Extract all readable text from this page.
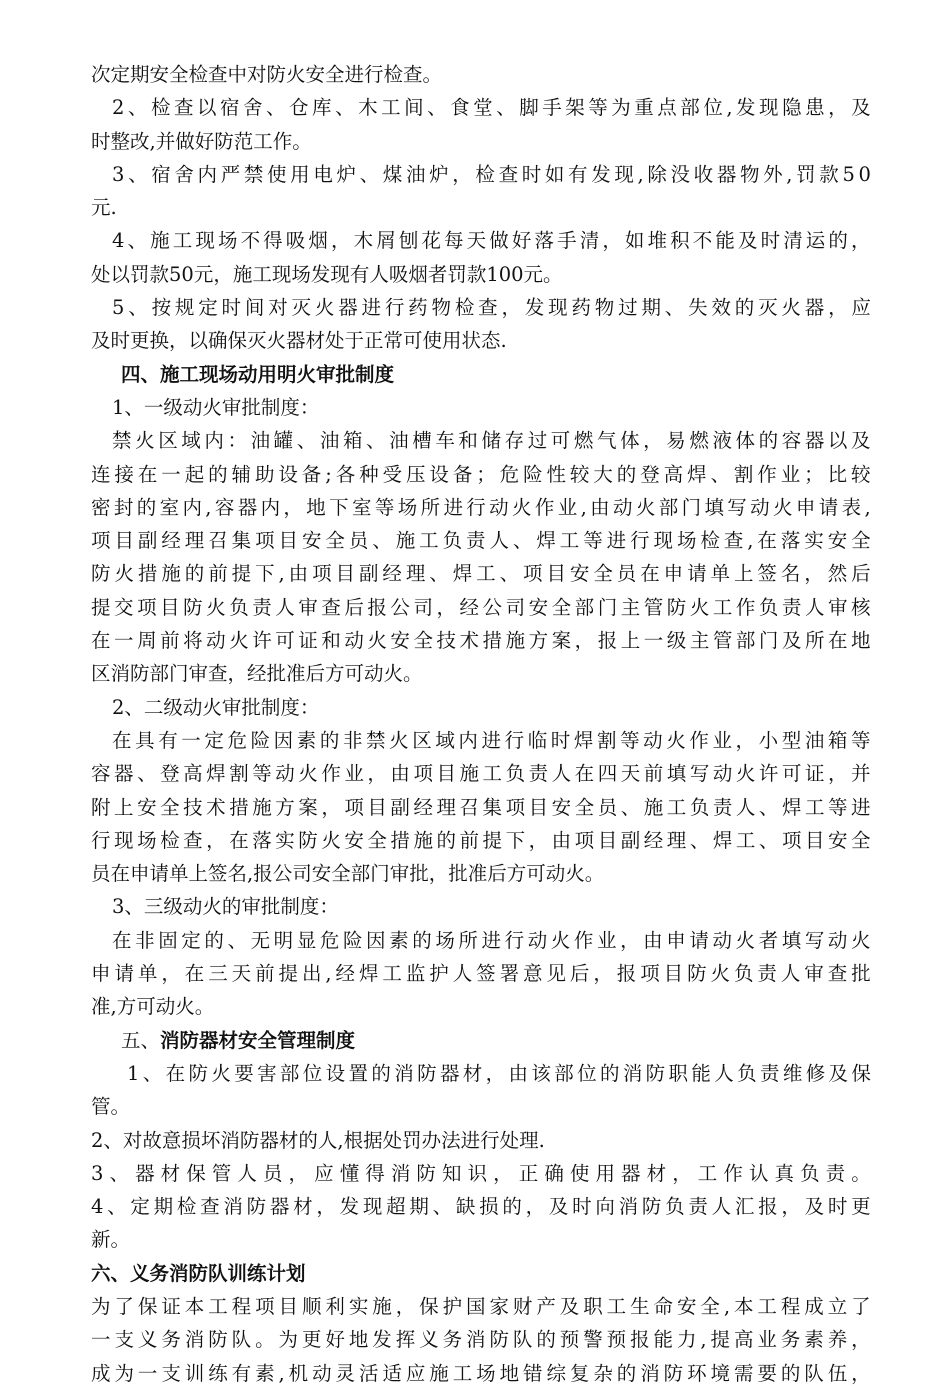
次定期安全检查中对防火安全进行检查。
2 、 检 查 以 宿 舍 、 仓 库 、 木 工 间 、 食 堂 、 脚 手 架 等 为 重 点 部 位 , 发 现 隐 患 ， 及
时整改,并做好防范工作。
3 、 宿 舍 内 严 禁 使 用 电 炉 、 煤 油 炉 ， 检 查 时 如 有 发 现 , 除 没 收 器 物 外 , 罚 款 5 0
元.
4 、 施 工 现 场 不 得 吸 烟 ， 木 屑 刨 花 每 天 做 好 落 手 清 ， 如 堆 积 不 能 及 时 清 运 的 ，
处以罚款50元，施工现场发现有人吸烟者罚款100元。
5 、 按 规 定 时 间 对 灭 火 器 进 行 药 物 检 查 ， 发 现 药 物 过 期 、 失 效 的 灭 火 器 ， 应
及时更换，以确保灭火器材处于正常可使用状态.
四、施工现场动用明火审批制度
1、一级动火审批制度：
禁 火 区 域 内 ： 油 罐 、 油 箱 、 油 槽 车 和 储 存 过 可 燃 气 体 ， 易 燃 液 体 的 容 器 以 及
连 接 在 一 起 的 辅 助 设 备 ; 各 种 受 压 设 备 ； 危 险 性 较 大 的 登 高 焊 、 割 作 业 ； 比 较
密 封 的 室 内 , 容 器 内 ， 地 下 室 等 场 所 进 行 动 火 作 业 , 由 动 火 部 门 填 写 动 火 申 请 表 ,
项 目 副 经 理 召 集 项 目 安 全 员 、 施 工 负 责 人 、 焊 工 等 进 行 现 场 检 查 , 在 落 实 安 全
防 火 措 施 的 前 提 下 , 由 项 目 副 经 理 、 焊 工 、 项 目 安 全 员 在 申 请 单 上 签 名 ， 然 后
提 交 项 目 防 火 负 责 人 审 查 后 报 公 司 ， 经 公 司 安 全 部 门 主 管 防 火 工 作 负 责 人 审 核
在 一 周 前 将 动 火 许 可 证 和 动 火 安 全 技 术 措 施 方 案 ， 报 上 一 级 主 管 部 门 及 所 在 地
区消防部门审查，经批准后方可动火。
2、二级动火审批制度：
在 具 有 一 定 危 险 因 素 的 非 禁 火 区 域 内 进 行 临 时 焊 割 等 动 火 作 业 ， 小 型 油 箱 等
容 器 、 登 高 焊 割 等 动 火 作 业 ， 由 项 目 施 工 负 责 人 在 四 天 前 填 写 动 火 许 可 证 ， 并
附 上 安 全 技 术 措 施 方 案 ， 项 目 副 经 理 召 集 项 目 安 全 员 、 施 工 负 责 人 、 焊 工 等 进
行 现 场 检 查 ， 在 落 实 防 火 安 全 措 施 的 前 提 下 ， 由 项 目 副 经 理 、 焊 工 、 项 目 安 全
员在申请单上签名,报公司安全部门审批，批准后方可动火。
3、三级动火的审批制度：
在 非 固 定 的 、 无 明 显 危 险 因 素 的 场 所 进 行 动 火 作 业 ， 由 申 请 动 火 者 填 写 动 火
申 请 单 ， 在 三 天 前 提 出 , 经 焊 工 监 护 人 签 署 意 见 后 ， 报 项 目 防 火 负 责 人 审 查 批
准,方可动火。
五、消防器材安全管理制度
1 、 在 防 火 要 害 部 位 设 置 的 消 防 器 材 ， 由 该 部 位 的 消 防 职 能 人 负 责 维 修 及 保
管。
2、对故意损坏消防器材的人,根据处罚办法进行处理.
3 、 器 材 保 管 人 员 ， 应 懂 得 消 防 知 识 ， 正 确 使 用 器 材 ， 工 作 认 真 负 责 。
4 、 定 期 检 查 消 防 器 材 ， 发 现 超 期 、 缺 损 的 ， 及 时 向 消 防 负 责 人 汇 报 ， 及 时 更
新。
六、义务消防队训练计划
为 了 保 证 本 工 程 项 目 顺 利 实 施 ， 保 护 国 家 财 产 及 职 工 生 命 安 全 , 本 工 程 成 立 了
一 支 义 务 消 防 队 。 为 更 好 地 发 挥 义 务 消 防 队 的 预 警 预 报 能 力 , 提 高 业 务 素 养 ，
成 为 一 支 训 练 有 素 , 机 动 灵 活 适 应 施 工 场 地 错 综 复 杂 的 消 防 环 境 需 要 的 队 伍 ，
